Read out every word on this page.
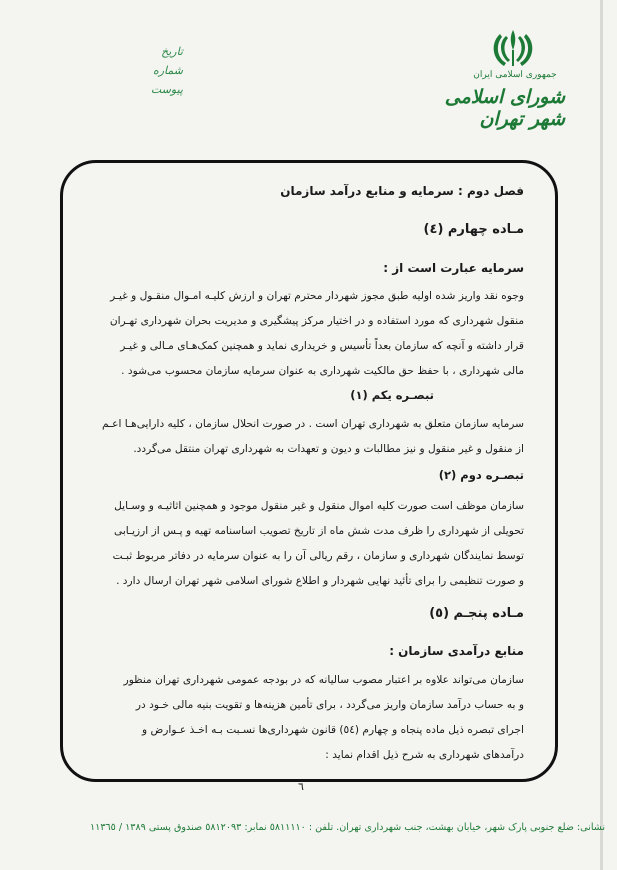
جمهوری اسلامی ایران
شورای اسلامی شهر تهران
تاریخ
شماره
پیوست
فصل دوم : سرمایه و منابع درآمد سازمان
مـاده چهارم (٤)
سرمایه عبارت است از :
وجوه نقد واریز شده اولیه طبق مجوز شهردار محترم تهران و ارزش کلیـه امـوال منقـول و غیـر
منقول شهرداری که مورد استفاده و در اختیار مرکز پیشگیری و مدیریت بحران شهرداری تهـران
قرار داشته و آنچه که سازمان بعداً تأسیس و خریداری نماید و همچنین کمک‌هـای مـالی و غیـر
مالی شهرداری ، با حفظ حق مالکیت شهرداری به عنوان سرمایه سازمان محسوب می‌شود .
تبصـره یکم (١)
سرمایه سازمان متعلق به شهرداری تهران است . در صورت انحلال سازمان ، کلیه دارایی‌هـا اعـم
از منقول و غیر منقول و نیز مطالبات و دیون و تعهدات به شهرداری تهران منتقل می‌گردد.
تبصـره دوم (٢)
سازمان موظف است صورت کلیه اموال منقول و غیر منقول موجود و همچنین اثاثیـه و وسـایل
تحویلی از شهرداری را ظرف مدت شش ماه از تاریخ تصویب اساسنامه تهیه و پـس از ارزیـابی
توسط نمایندگان شهرداری و سازمان ، رقم ریالی آن را به عنوان سرمایه در دفاتر مربوط ثبـت
و صورت تنظیمی را برای تأئید نهایی شهردار و اطلاع شورای اسلامی شهر تهران ارسال دارد .
مـاده پنجـم (٥)
منابع درآمدی سازمان :
سازمان می‌تواند علاوه بر اعتبار مصوب سالیانه که در بودجه عمومی شهرداری تهران منظور
و به حساب درآمد سازمان واریز می‌گردد ، برای تأمین هزینه‌ها و تقویت بنیه مالی خـود در
اجرای تبصره ذیل ماده پنجاه و چهارم (٥٤) قانون شهرداری‌ها نسـبت بـه اخـذ عـوارض و
درآمدهای شهرداری به شرح ذیل اقدام نماید :
٦
نشانی: ضلع جنوبی پارک شهر، خیابان بهشت، جنب شهرداری تهران. تلفن : ٥٨١١١١٠ نمابر: ٥٨١٢٠٩٣ صندوق پستی ١٣٨٩ / ١١٣٦٥
